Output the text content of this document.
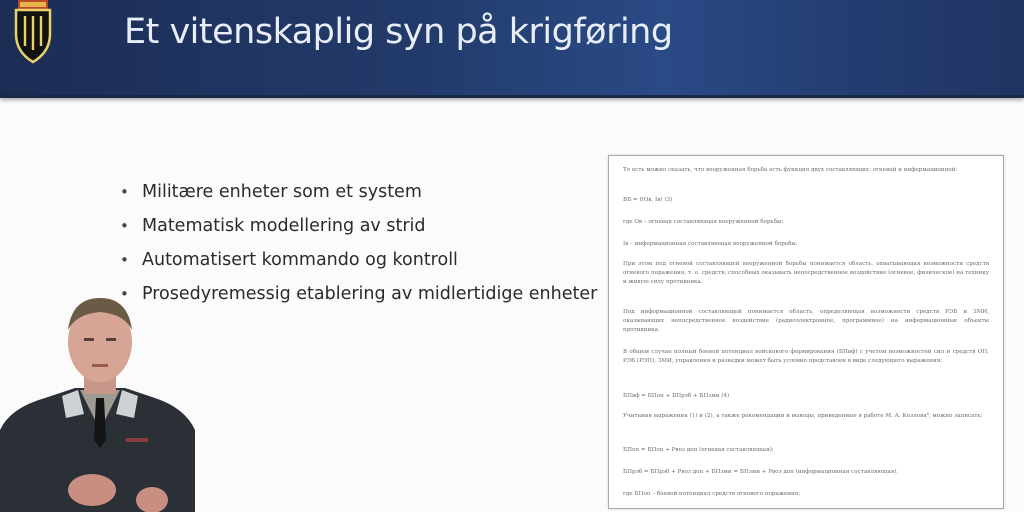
Et vitenskaplig syn på krigføring
• Militære enheter som et system
• Matematisk modellering av strid
• Automatisert kommando og kontroll
• Prosedyremessig etablering av midlertidige enheter

То есть можно сказать, что вооруженная борьба есть функция двух составляющих: огневой и информационной:

ВБ = f(Oв, Iв) (3)

где Oв – огневая составляющая вооруженной борьбы;

Iв – информационная составляющая вооруженной борьбы.

При этом под огневой составляющей вооруженной борьбы понимается область, охватывающая возможности средств огневого поражения, т. е. средств, способных оказывать непосредственное воздействие (огневое, физическое) на технику и живую силу противника.

Под информационной составляющей понимается область, определяющая возможности средств РЭБ и ЗМИ, оказывающих непосредственное воздействие (радиоэлектронное, программное) на информационные объекты противника.

В общем случае полный боевой потенциал войскового формирования (БПвф) с учетом возможностей сил и средств ОП, РЭБ (РЭП), ЗМИ, управления и разведки может быть условно представлен в виде следующего выражения:

БПвф = БПоп + БПрэб + БПзми (4)

Учитывая выражения (1) и (2), а также рекомендации и выводы, приведенные в работе М. А. Козлова⁸, можно записать:

БПоп = БПоп + Pвоз доп (огневая составляющая);

БПрэб = БПрэб + Pвоз доп + БПзми = БПзми + Pвоз доп (информационная составляющая),

где БПоп – боевой потенциал средств огневого поражения;
